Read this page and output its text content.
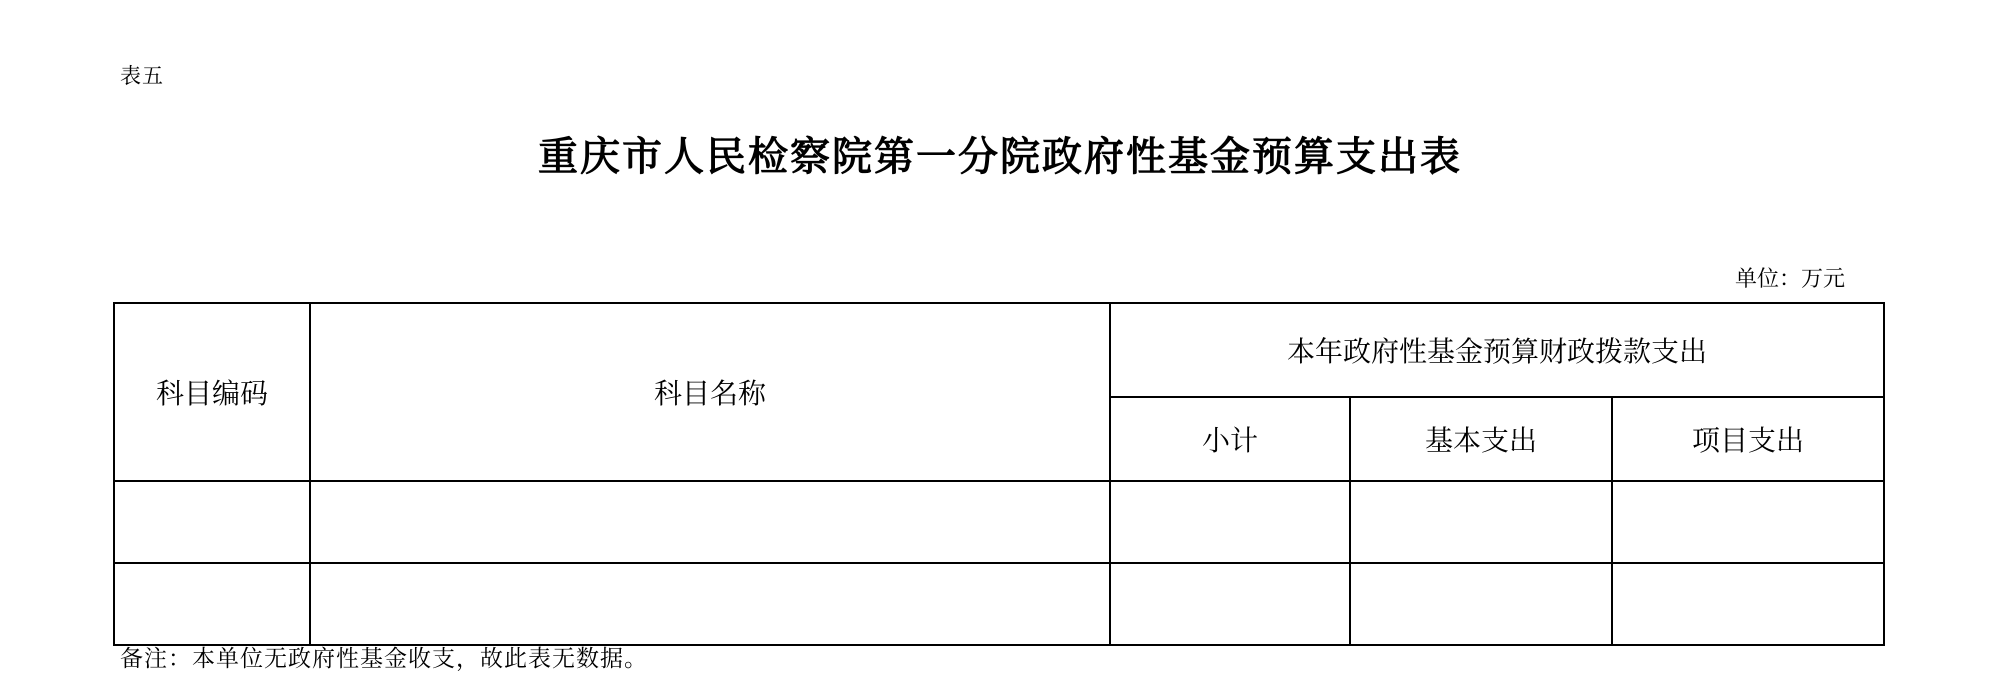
表五
重庆市人民检察院第一分院政府性基金预算支出表
单位：万元
科目编码	科目名称	本年政府性基金预算财政拨款支出		
		小计	基本支出	项目支出

备注：本单位无政府性基金收支，故此表无数据。
